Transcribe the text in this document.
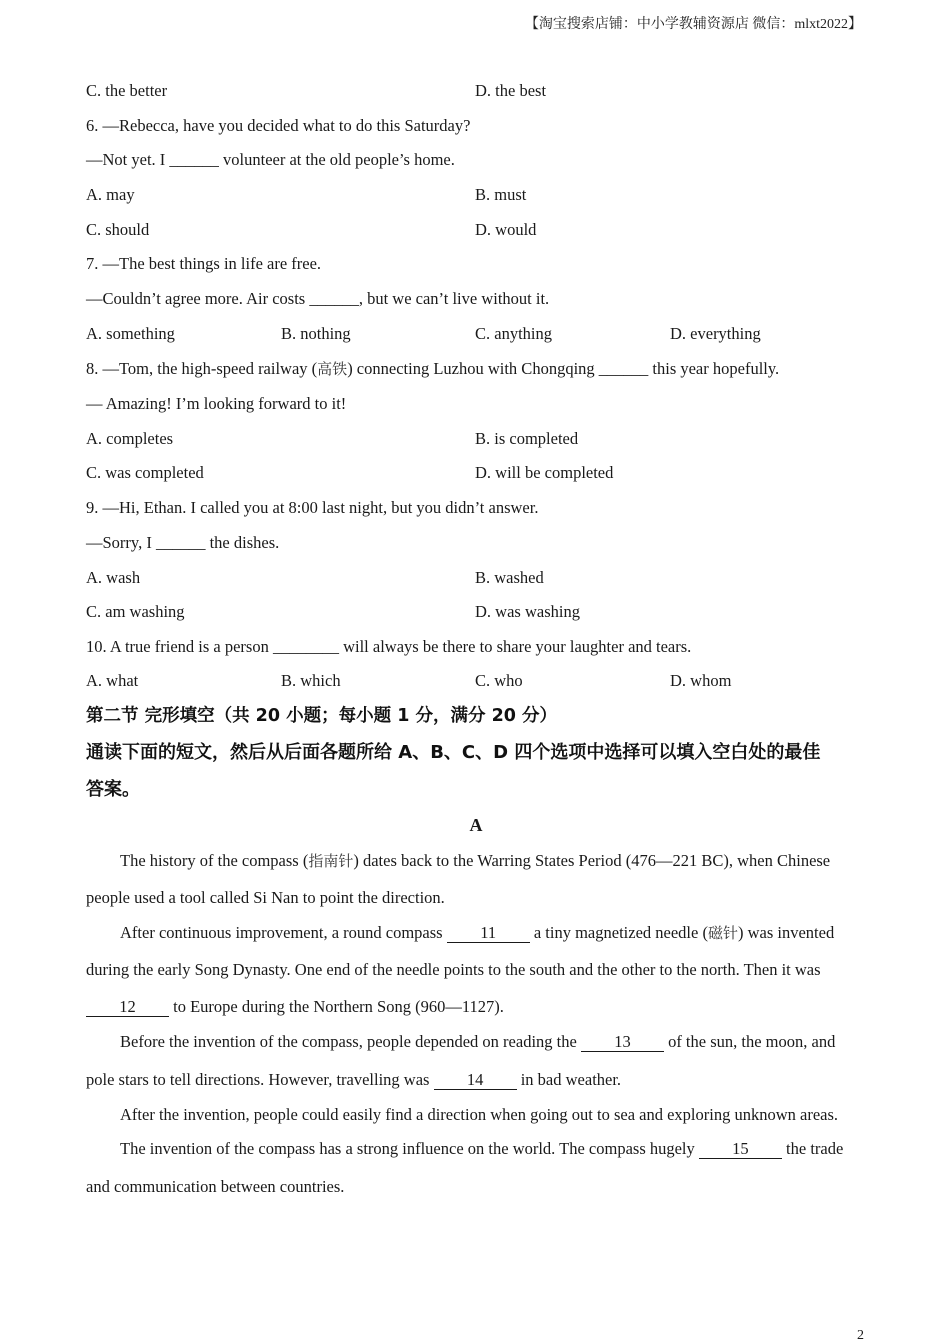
【淘宝搜索店铺：中小学教辅资源店 微信：mlxt2022】
C. the better	D. the best
6. —Rebecca, have you decided what to do this Saturday?
—Not yet. I ______ volunteer at the old people’s home.
A. may	B. must
C. should	D. would
7. —The best things in life are free.
—Couldn’t agree more. Air costs ______, but we can’t live without it.
A. something	B. nothing	C. anything	D. everything
8. —Tom, the high-speed railway (高铁) connecting Luzhou with Chongqing ______ this year hopefully.
— Amazing! I’m looking forward to it!
A. completes	B. is completed
C. was completed	D. will be completed
9. —Hi, Ethan. I called you at 8:00 last night, but you didn’t answer.
—Sorry, I ______ the dishes.
A. wash	B. washed
C. am washing	D. was washing
10. A true friend is a person ________ will always be there to share your laughter and tears.
A. what	B. which	C. who	D. whom
第二节 完形填空（共 20 小题；每小题 1 分，满分 20 分）
通读下面的短文，然后从后面各题所给 A、B、C、D 四个选项中选择可以填入空白处的最佳
答案。
A
The history of the compass (指南针) dates back to the Warring States Period (476—221 BC), when Chinese
people used a tool called Si Nan to point the direction.
After continuous improvement, a round compass 11 a tiny magnetized needle (磁针) was invented
during the early Song Dynasty. One end of the needle points to the south and the other to the north. Then it was
12 to Europe during the Northern Song (960—1127).
Before the invention of the compass, people depended on reading the 13 of the sun, the moon, and
pole stars to tell directions. However, travelling was 14 in bad weather.
After the invention, people could easily find a direction when going out to sea and exploring unknown areas.
The invention of the compass has a strong influence on the world. The compass hugely 15 the trade
and communication between countries.
2
